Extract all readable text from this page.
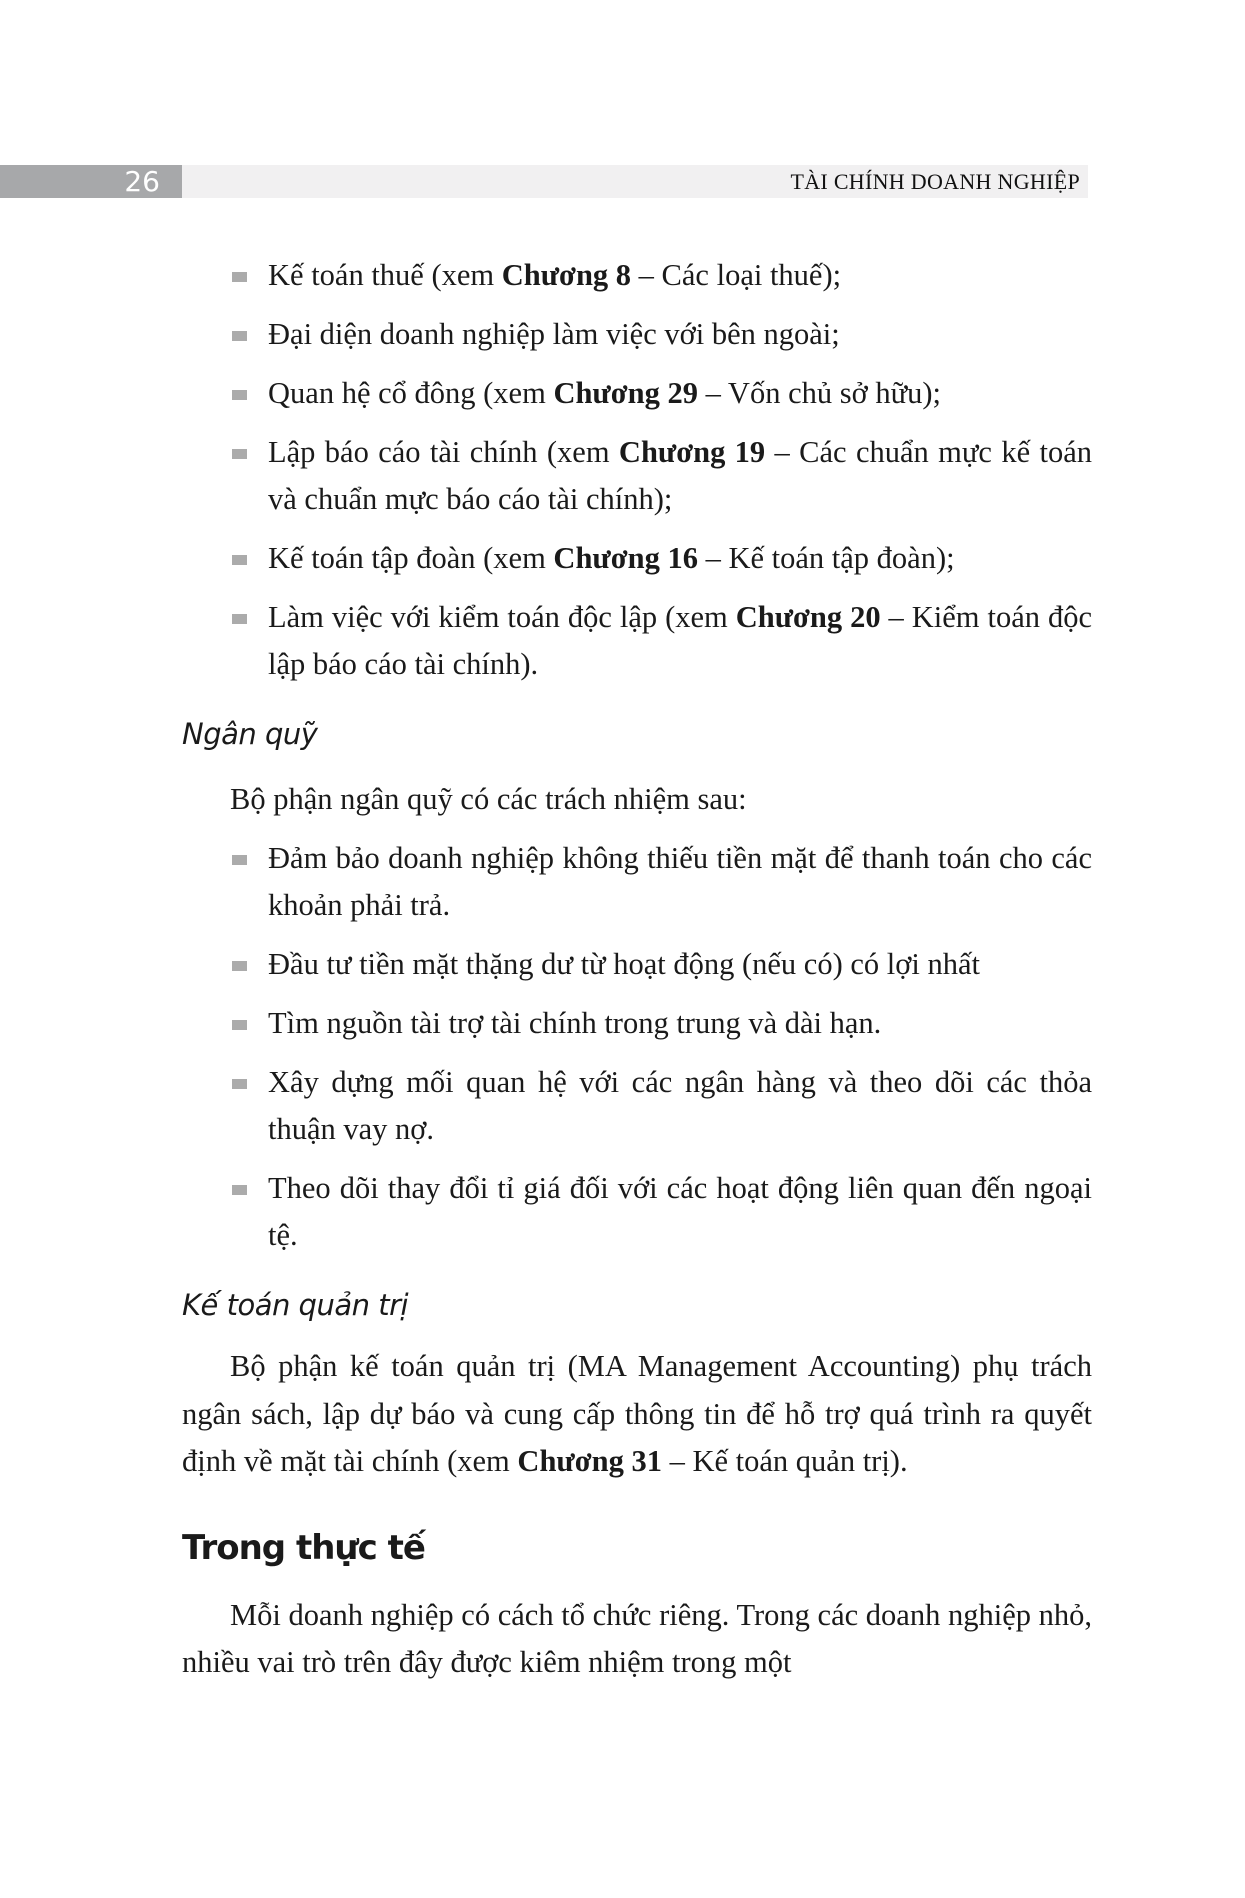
26	TÀI CHÍNH DOANH NGHIỆP
Kế toán thuế (xem Chương 8 – Các loại thuế);
Đại diện doanh nghiệp làm việc với bên ngoài;
Quan hệ cổ đông (xem Chương 29 – Vốn chủ sở hữu);
Lập báo cáo tài chính (xem Chương 19 – Các chuẩn mực kế toán và chuẩn mực báo cáo tài chính);
Kế toán tập đoàn (xem Chương 16 – Kế toán tập đoàn);
Làm việc với kiểm toán độc lập (xem Chương 20 – Kiểm toán độc lập báo cáo tài chính).
Ngân quỹ

Bộ phận ngân quỹ có các trách nhiệm sau:

Đảm bảo doanh nghiệp không thiếu tiền mặt để thanh toán cho các khoản phải trả.
Đầu tư tiền mặt thặng dư từ hoạt động (nếu có) có lợi nhất
Tìm nguồn tài trợ tài chính trong trung và dài hạn.
Xây dựng mối quan hệ với các ngân hàng và theo dõi các thỏa thuận vay nợ.
Theo dõi thay đổi tỉ giá đối với các hoạt động liên quan đến ngoại tệ.
Kế toán quản trị

Bộ phận kế toán quản trị (MA Management Accounting) phụ trách ngân sách, lập dự báo và cung cấp thông tin để hỗ trợ quá trình ra quyết định về mặt tài chính (xem Chương 31 – Kế toán quản trị).

Trong thực tế

Mỗi doanh nghiệp có cách tổ chức riêng. Trong các doanh nghiệp nhỏ, nhiều vai trò trên đây được kiêm nhiệm trong một
